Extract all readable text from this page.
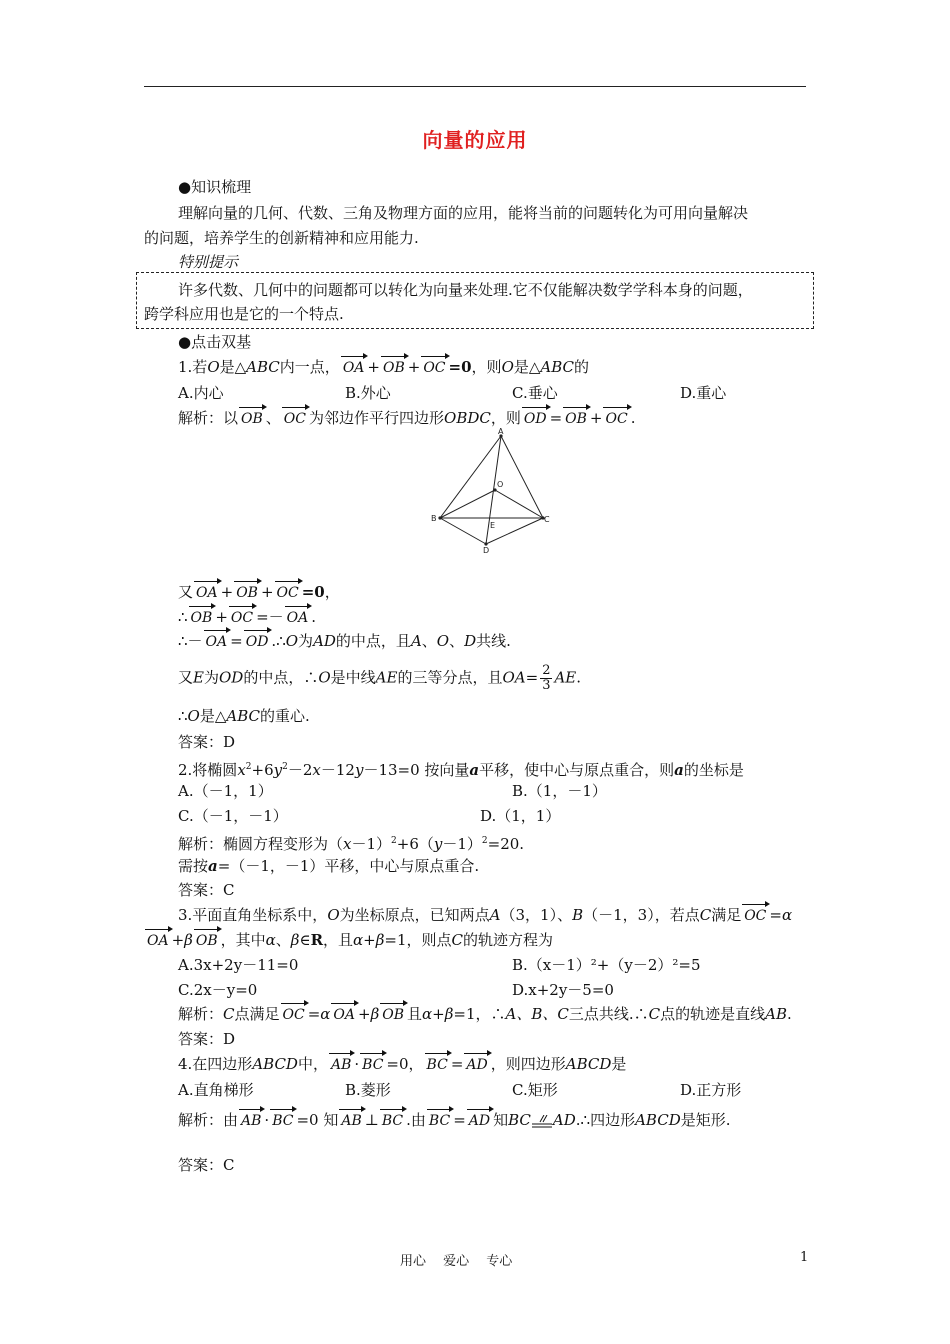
向量的应用
●知识梳理
理解向量的几何、代数、三角及物理方面的应用，能将当前的问题转化为可用向量解决
的问题，培养学生的创新精神和应用能力.
特别提示
许多代数、几何中的问题都可以转化为向量来处理.它不仅能解决数学学科本身的问题，
跨学科应用也是它的一个特点.
●点击双基
1.若O是△ABC内一点， OA + OB + OC =0，则O是△ABC的
A.内心	B.外心	C.垂心	D.重心
解析：以 OB 、 OC 为邻边作平行四边形OBDC，则 OD = OB + OC .
A
O
B	C
E
D
又 OA + OB + OC =0，
∴ OB + OC =－ OA .
∴－ OA = OD .∴O为AD的中点，且A、O、D共线.
又E为OD的中点，∴O是中线AE的三等分点，且$OA= \frac{2}{3}$ AE.
∴O是△ABC的重心.
答案：D
2.将椭圆$x^2+6y^2-2x-12y-13=0$ 按向量a平移，使中心与原点重合，则a的坐标是
A.（－1，1）	B.（1，－1）
C.（－1，－1）	D.（1，1）
解析：椭圆方程变形为$(x-1)^2+6(y-1)^2=20$.
需按a=（－1，－1）平移，中心与原点重合.
答案：C
3.平面直角坐标系中，O为坐标原点，已知两点A（3，1）、B（－1，3），若点C满足 OC =α
OA +β OB ，其中α、β∈R，且α+β=1，则点C的轨迹方程为
A.3x+2y－11=0	B.（x－1）²+（y－2）²=5
C.2x－y=0	D.x+2y－5=0
解析：C点满足 OC =α OA +β OB 且α+β=1，∴A、B、C三点共线.∴C点的轨迹是直线AB.
答案：D
4.在四边形ABCD中， AB · BC =0， BC = AD ，则四边形ABCD是
A.直角梯形	B.菱形	C.矩形	D.正方形
解析：由 AB · BC =0 知 AB ⊥ BC .由 BC = AD 知BC AD.∴四边形ABCD是矩形.
答案：C
用心　 爱心　 专心	1
